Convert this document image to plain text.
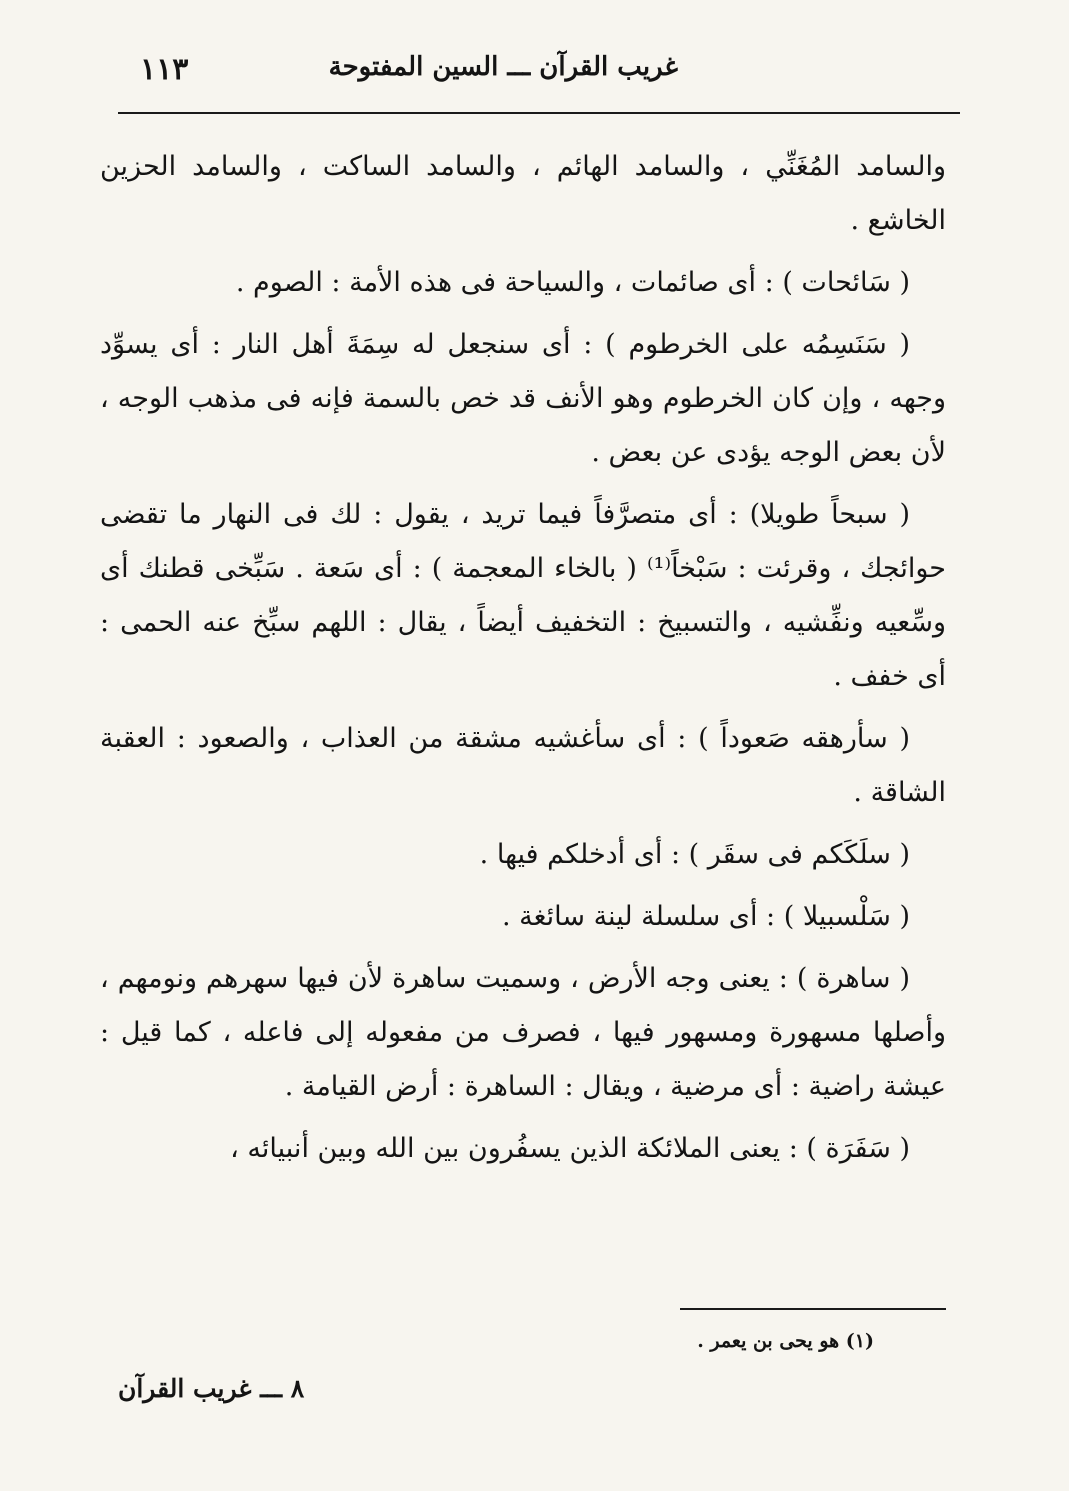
غريب القرآن ـــ السين المفتوحة
١١٣

والسامد المُغَنِّي ، والسامد الهائم ، والسامد الساكت ، والسامد الحزين الخاشع .

( سَائحات ) : أى صائمات ، والسياحة فى هذه الأمة : الصوم .

( سَنَسِمُه على الخرطوم ) : أى سنجعل له سِمَةَ أهل النار : أى يسوِّد وجهه ، وإن كان الخرطوم وهو الأنف قد خص بالسمة فإنه فى مذهب الوجه ، لأن بعض الوجه يؤدى عن بعض .

( سبحاً طويلا) : أى متصرَّفاً فيما تريد ، يقول : لك فى النهار ما تقضى حوائجك ، وقرئت : سَبْخاً⁽¹⁾ ( بالخاء المعجمة ) : أى سَعة . سَبِّخى قطنك أى وسِّعيه ونفِّشيه ، والتسبيخ : التخفيف أيضاً ، يقال : اللهم سبِّخ عنه الحمى : أى خفف .

( سأرهقه صَعوداً ) : أى سأغشيه مشقة من العذاب ، والصعود : العقبة الشاقة .

( سلَكَكم فى سقَر ) : أى أدخلكم فيها .

( سَلْسبيلا ) : أى سلسلة لينة سائغة .

( ساهرة ) : يعنى وجه الأرض ، وسميت ساهرة لأن فيها سهرهم ونومهم ، وأصلها مسهورة ومسهور فيها ، فصرف من مفعوله إلى فاعله ، كما قيل : عيشة راضية : أى مرضية ، ويقال : الساهرة : أرض القيامة .

( سَفَرَة ) : يعنى الملائكة الذين يسفُرون بين الله وبين أنبيائه ،

(١) هو يحى بن يعمر .
٨ ـــ غريب القرآن
